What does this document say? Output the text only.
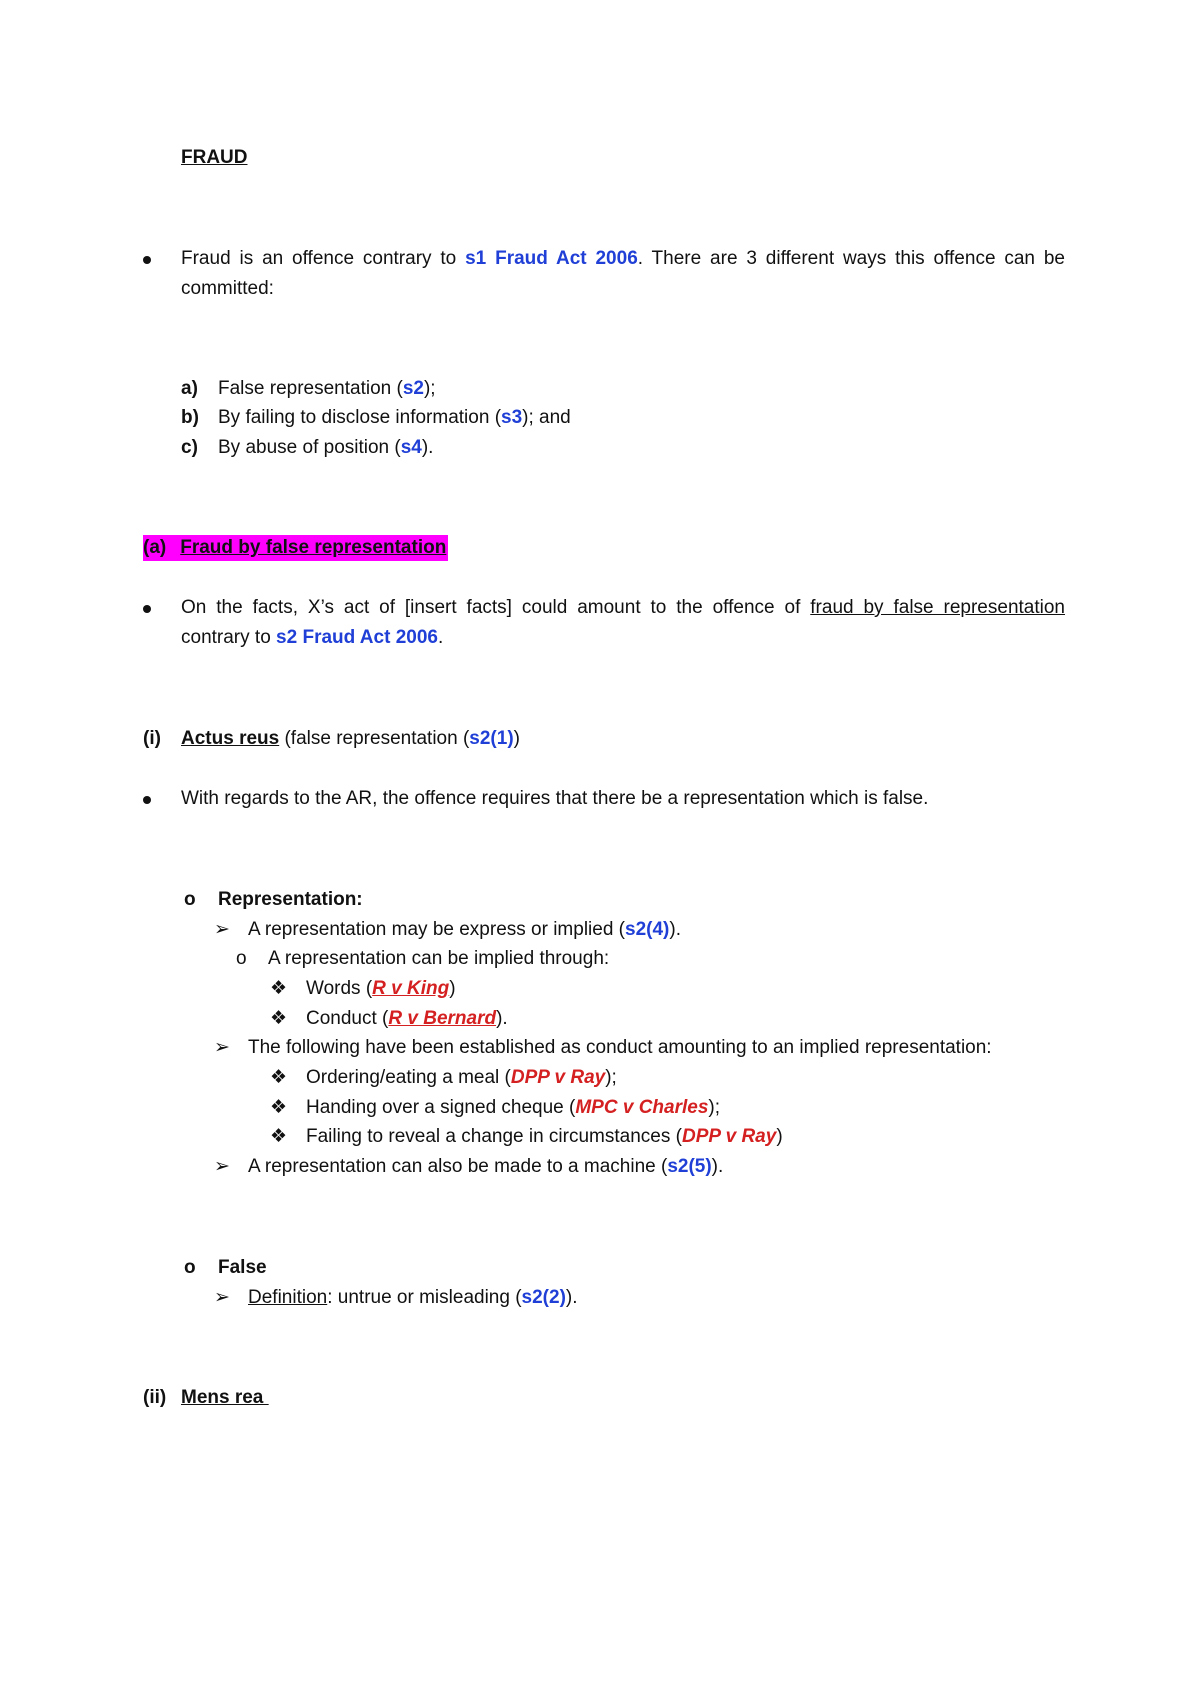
FRAUD
Fraud is an offence contrary to s1 Fraud Act 2006. There are 3 different ways this offence can be
committed:
a) False representation (s2);
b) By failing to disclose information (s3); and
c) By abuse of position (s4).
(a) Fraud by false representation
On the facts, X’s act of [insert facts] could amount to the offence of fraud by false representation
contrary to s2 Fraud Act 2006.
(i) Actus reus (false representation (s2(1))
With regards to the AR, the offence requires that there be a representation which is false.
o Representation:
➢ A representation may be express or implied (s2(4)).
o A representation can be implied through:
❖ Words (R v King)
❖ Conduct (R v Bernard).
➢ The following have been established as conduct amounting to an implied representation:
❖ Ordering/eating a meal (DPP v Ray);
❖ Handing over a signed cheque (MPC v Charles);
❖ Failing to reveal a change in circumstances (DPP v Ray)
➢ A representation can also be made to a machine (s2(5)).
o False
➢ Definition: untrue or misleading (s2(2)).
(ii) Mens rea
